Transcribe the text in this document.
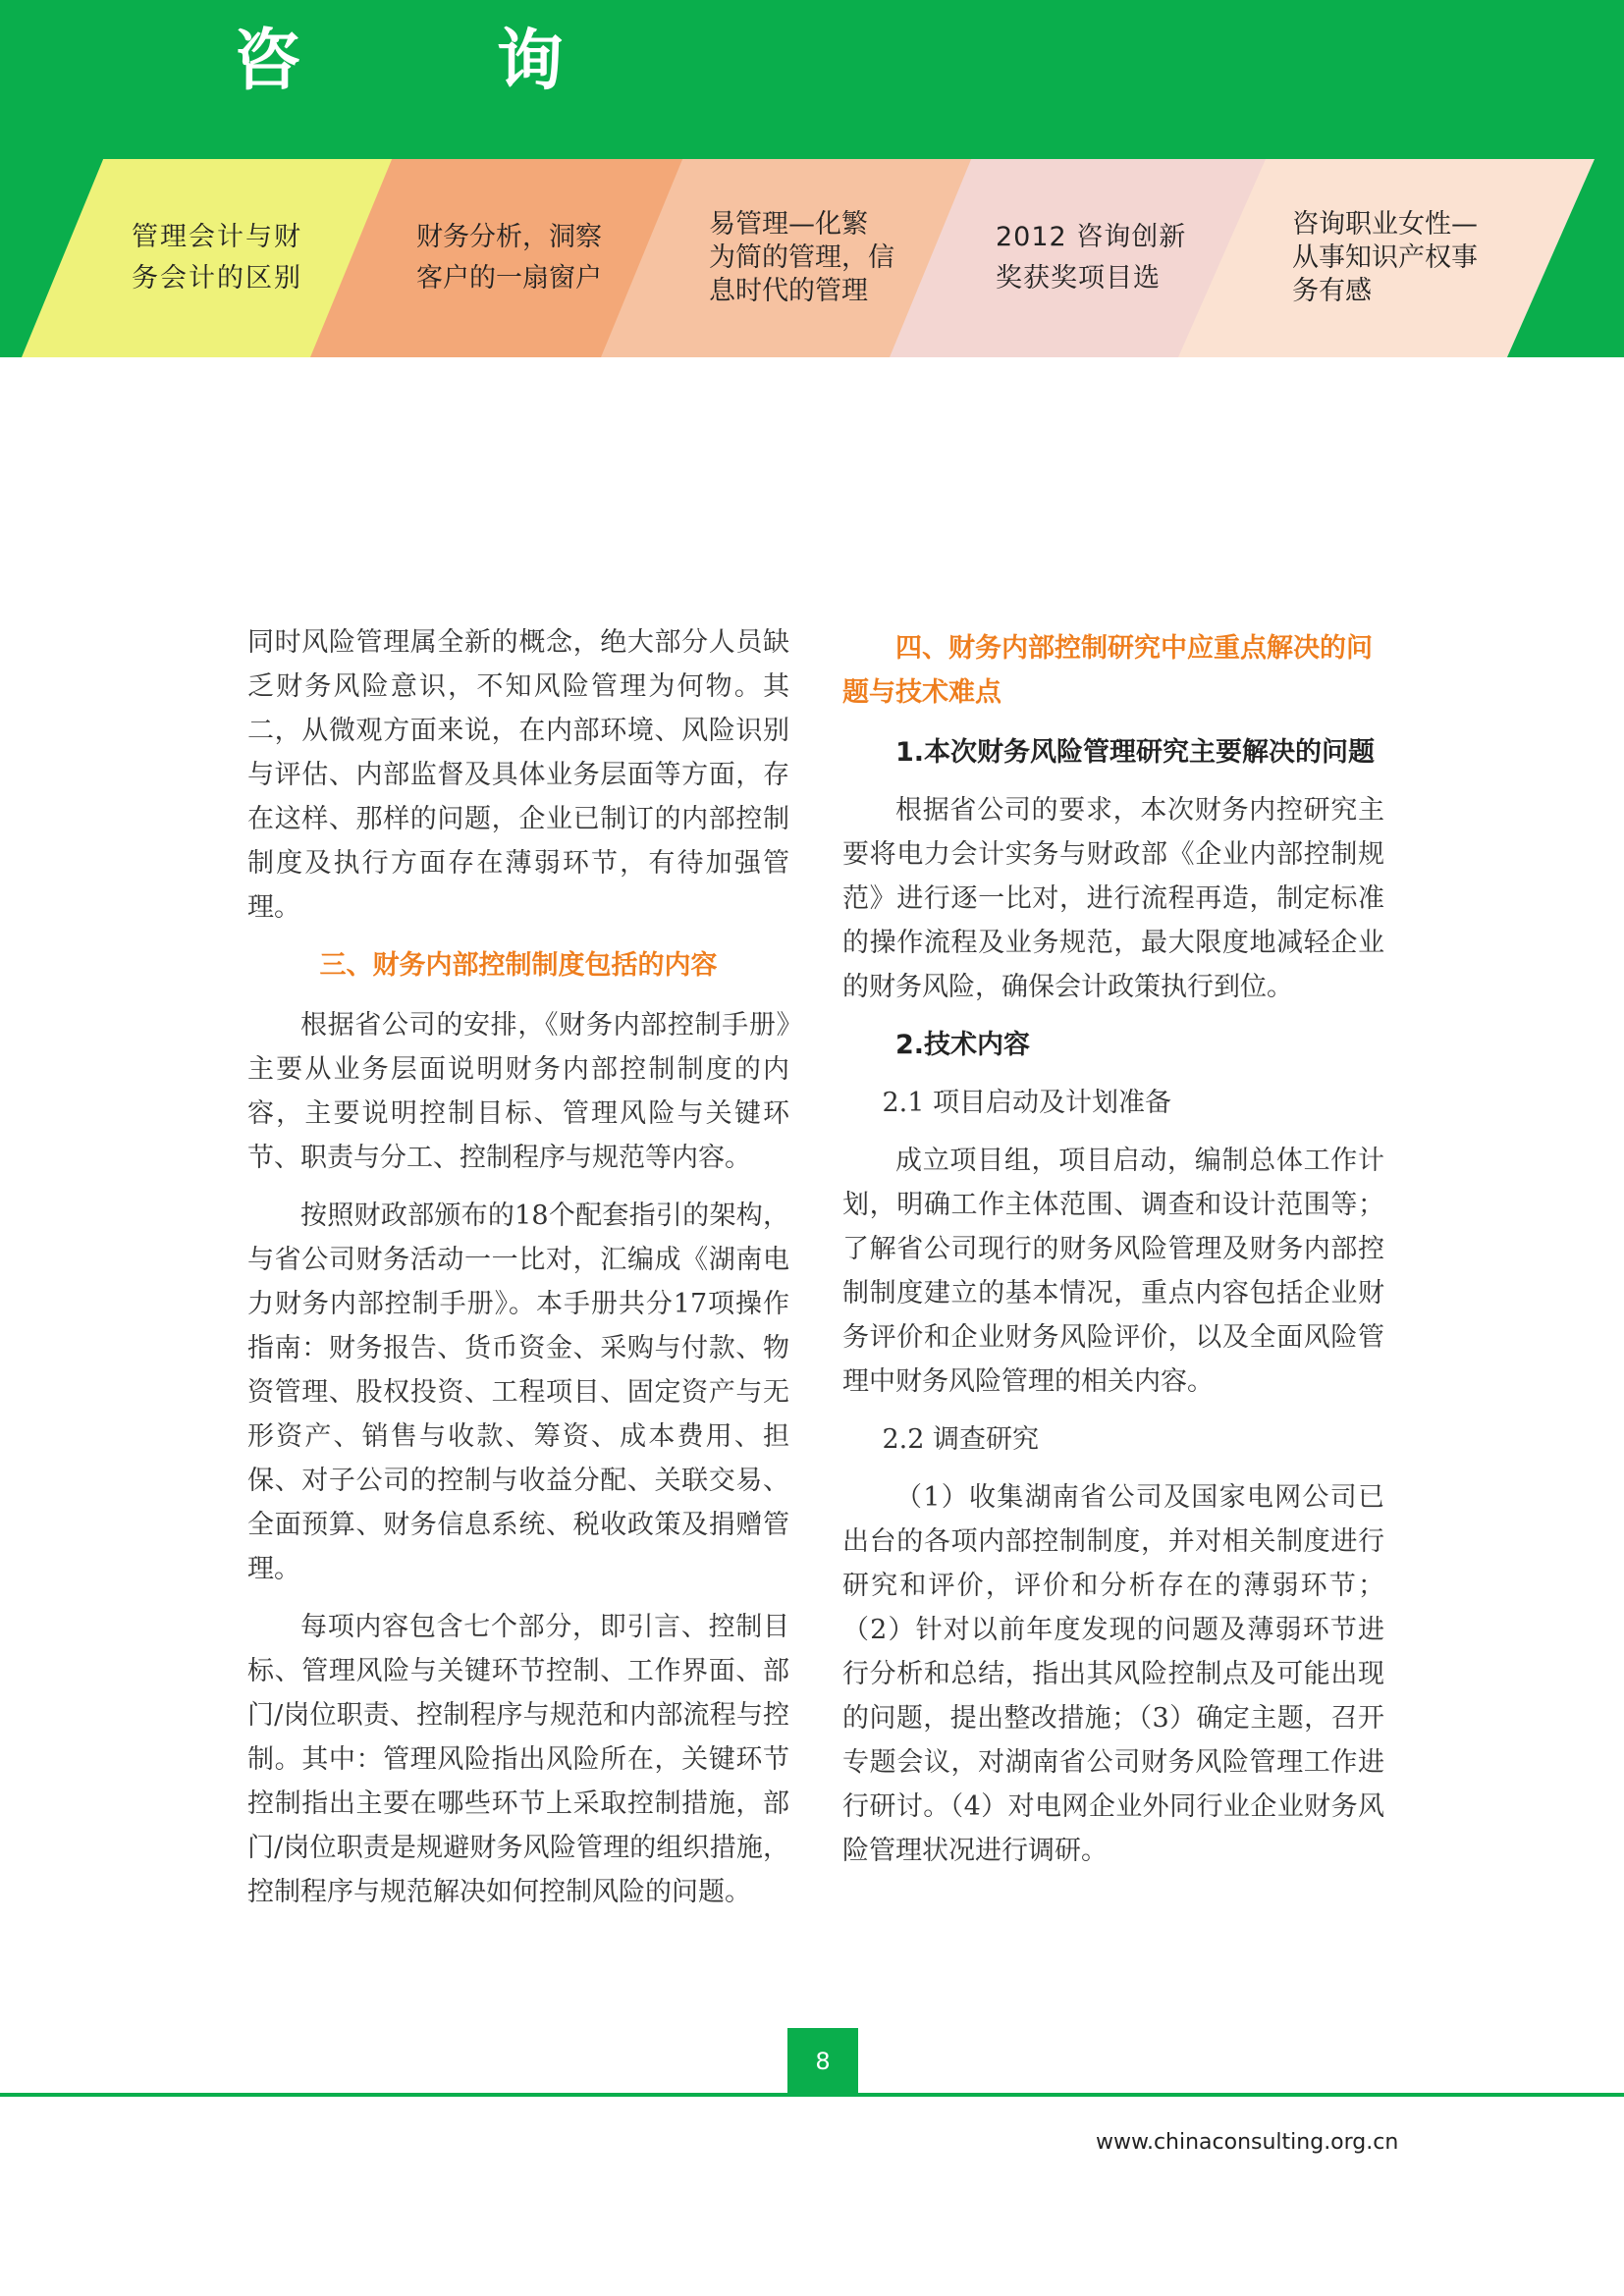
咨 询
管理会计与财
务会计的区别
财务分析，洞察
客户的一扇窗户
易管理—化繁
为简的管理，信
息时代的管理
2012 咨询创新
奖获奖项目选
咨询职业女性—
从事知识产权事
务有感

同时风险管理属全新的概念，绝大部分人员缺乏财务风险意识，不知风险管理为何物。其二，从微观方面来说，在内部环境、风险识别与评估、内部监督及具体业务层面等方面，存在这样、那样的问题，企业已制订的内部控制制度及执行方面存在薄弱环节，有待加强管理。

三、财务内部控制制度包括的内容

根据省公司的安排，《财务内部控制手册》主要从业务层面说明财务内部控制制度的内容，主要说明控制目标、管理风险与关键环节、职责与分工、控制程序与规范等内容。

按照财政部颁布的18个配套指引的架构，与省公司财务活动一一比对，汇编成《湖南电力财务内部控制手册》。本手册共分17项操作指南：财务报告、货币资金、采购与付款、物资管理、股权投资、工程项目、固定资产与无形资产、销售与收款、筹资、成本费用、担保、对子公司的控制与收益分配、关联交易、全面预算、财务信息系统、税收政策及捐赠管理。

每项内容包含七个部分，即引言、控制目标、管理风险与关键环节控制、工作界面、部门/岗位职责、控制程序与规范和内部流程与控制。其中：管理风险指出风险所在，关键环节控制指出主要在哪些环节上采取控制措施，部门/岗位职责是规避财务风险管理的组织措施，控制程序与规范解决如何控制风险的问题。

四、财务内部控制研究中应重点解决的问题与技术难点

1.本次财务风险管理研究主要解决的问题

根据省公司的要求，本次财务内控研究主要将电力会计实务与财政部《企业内部控制规范》进行逐一比对，进行流程再造，制定标准的操作流程及业务规范，最大限度地减轻企业的财务风险，确保会计政策执行到位。

2.技术内容

2.1 项目启动及计划准备

成立项目组，项目启动，编制总体工作计划，明确工作主体范围、调查和设计范围等；了解省公司现行的财务风险管理及财务内部控制制度建立的基本情况，重点内容包括企业财务评价和企业财务风险评价，以及全面风险管理中财务风险管理的相关内容。

2.2 调查研究

（1）收集湖南省公司及国家电网公司已出台的各项内部控制制度，并对相关制度进行研究和评价，评价和分析存在的薄弱环节；（2）针对以前年度发现的问题及薄弱环节进行分析和总结，指出其风险控制点及可能出现的问题，提出整改措施；（3）确定主题，召开专题会议，对湖南省公司财务风险管理工作进行研讨。（4）对电网企业外同行业企业财务风险管理状况进行调研。

8
www.chinaconsulting.org.cn
